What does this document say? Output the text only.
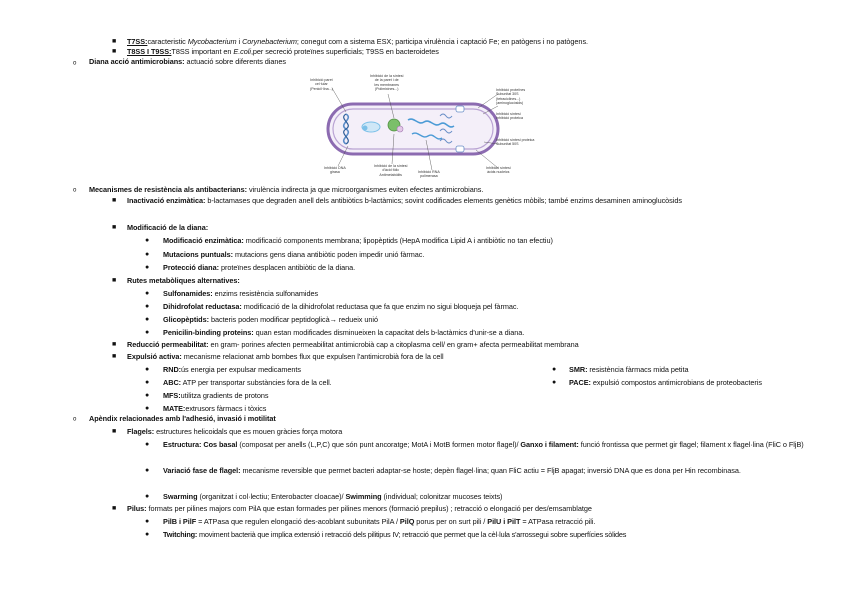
■ T7SS:caracteristic Mycobacterium i Corynebacterium; conegut com a sistema ESX; participa virulència i captació Fe; en patògens i no patògens.
■ T8SS I T9SS:T8SS important en E.coli,per secreció proteïnes superficials; T9SS en bacteroidetes
ₒ Diana acció antimicrobians: actuació sobre diferents dianes
Inhibició paret
cel·lular
(Penicil·lina...)
Inhibició de la síntesi
de la paret i de
les membranes
(Polimixines...)	Inhibició proteïnes
Subunitat 30S
(tetraciclines...)
(aminoglucòsids)
Inhibició síntesi proteica
Subunitat 50S
Inhibició DNA
girasa
Inhibició de la síntesi
d'àcid fòlic
Antimetabòlits
Inhibició RNA
polimerasa
Inhibició síntesi
àcids nucleics
Inhibició síntesi
Inhibició proteica
ₒ Mecanismes de resistència als antibacterians: virulència indirecta ja que microorganismes eviten efectes antimicrobians.
■ Inactivació enzimàtica: b-lactamases que degraden anell dels antibiòtics b-lactàmics; sovint codificades elements genètics mòbils; també enzims desaminen aminoglucòsids
■ Modificació de la diana:
● Modificació enzimàtica: modificació components membrana; lipopèptids (HepA modifica Lipid A i antibiòtic no tan efectiu)
● Mutacions puntuals: mutacions gens diana antibiòtic poden impedir unió fàrmac.
● Protecció diana: proteïnes desplacen antibiòtic de la diana.
■ Rutes metabòliques alternatives:
● Sulfonamides: enzims resistència sulfonamides
● Dihidrofolat reductasa: modificació de la dihidrofolat reductasa que fa que enzim no sigui bloqueja pel fàrmac.
● Glicopèptids: bacteris poden modificar peptidoglicà→ redueix unió
● Penicilin-binding proteins: quan estan modificades disminueixen la capacitat dels b-lactàmics d'unir-se a diana.
■ Reducció permeabilitat: en gram- porines afecten permeabilitat antimicrobià cap a citoplasma cell/ en gram+ afecta permeabilitat membrana
■ Expulsió activa: mecanisme relacionat amb bombes flux que expulsen l'antimicrobià fora de la cell
● RND:ús energia per expulsar medicaments
● ABC: ATP per transportar substàncies fora de la cell.
● MFS:utilitza gradients de protons
● MATE:extrusors fàrmacs i tòxics
● SMR: resistència fàrmacs mida petita
● PACE: expulsió compostos antimicrobians de proteobacteris
ₒ Apèndix relacionades amb l'adhesió, invasió i motilitat
■ Flagels: estructures helicoidals que es mouen gràcies força motora
● Estructura: Cos basal (composat per anells (L,P,C) que són punt ancoratge; MotA i MotB formen motor flagel)/ Ganxo i filament: funció frontissa que permet gir flagel; filament x flagel·lina (FliC o FljB)
● Variació fase de flagel: mecanisme reversible que permet bacteri adaptar-se hoste; depèn flagel·lina; quan FliC actiu = FljB apagat; inversió DNA que es dona per Hin recombinasa.
● Swarming (organitzat i col·lectiu; Enterobacter cloacae)/ Swimming (individual; colonitzar mucoses teixts)
■ Pilus: formats per pilines majors com PilA que estan formades per pilines menors (formació prepilus) ; retracció o elongació per des/emsamblatge
● PilB i PilF = ATPasa que regulen elongació des-acoblant subunitats PilA / PilQ porus per on surt pili / PilU i PilT = ATPasa retracció pili.
● Twitching: moviment bacterià que implica extensió i retracció dels pilitipus IV; retracció que permet que la cèl·lula s'arrossegui sobre superfícies sòlides
